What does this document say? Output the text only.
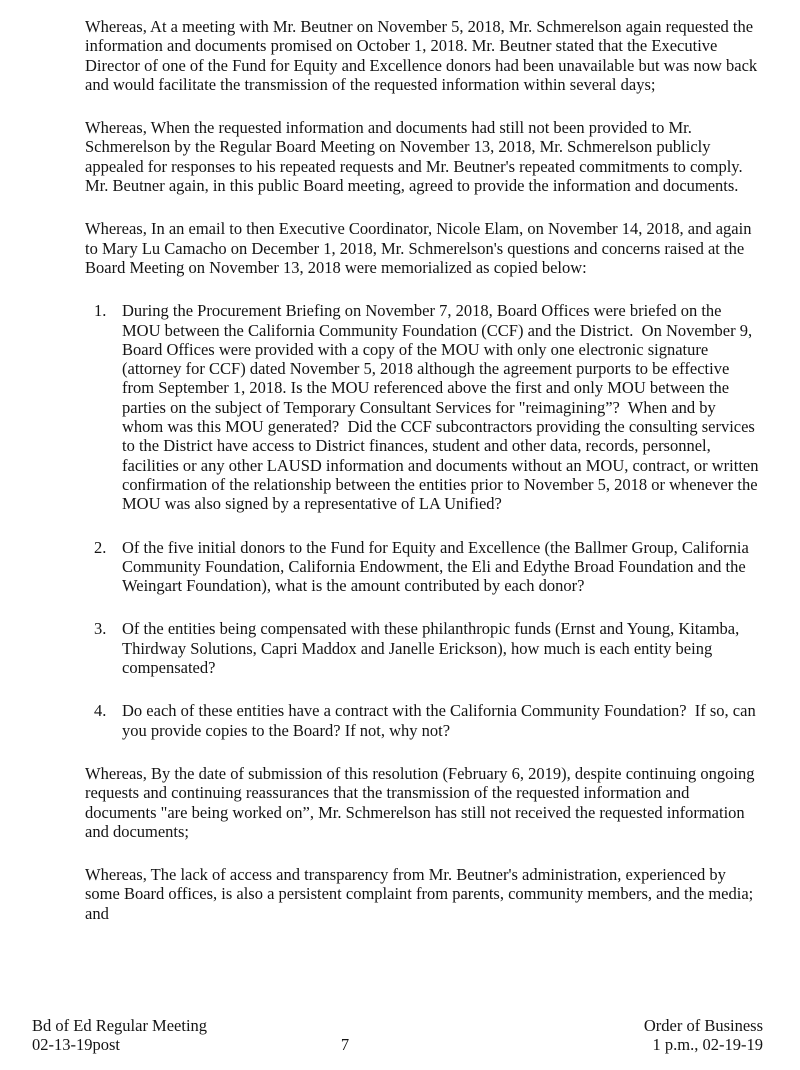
Whereas, At a meeting with Mr. Beutner on November 5, 2018, Mr. Schmerelson again requested the information and documents promised on October 1, 2018. Mr. Beutner stated that the Executive Director of one of the Fund for Equity and Excellence donors had been unavailable but was now back and would facilitate the transmission of the requested information within several days;

Whereas, When the requested information and documents had still not been provided to Mr. Schmerelson by the Regular Board Meeting on November 13, 2018, Mr. Schmerelson publicly appealed for responses to his repeated requests and Mr. Beutner's repeated commitments to comply.  Mr. Beutner again, in this public Board meeting, agreed to provide the information and documents.

Whereas, In an email to then Executive Coordinator, Nicole Elam, on November 14, 2018, and again to Mary Lu Camacho on December 1, 2018, Mr. Schmerelson's questions and concerns raised at the Board Meeting on November 13, 2018 were memorialized as copied below:

1. During the Procurement Briefing on November 7, 2018, Board Offices were briefed on the MOU between the California Community Foundation (CCF) and the District.  On November 9, Board Offices were provided with a copy of the MOU with only one electronic signature (attorney for CCF) dated November 5, 2018 although the agreement purports to be effective from September 1, 2018. Is the MOU referenced above the first and only MOU between the parties on the subject of Temporary Consultant Services for "reimagining”?  When and by whom was this MOU generated?  Did the CCF subcontractors providing the consulting services to the District have access to District finances, student and other data, records, personnel, facilities or any other LAUSD information and documents without an MOU, contract, or written confirmation of the relationship between the entities prior to November 5, 2018 or whenever the MOU was also signed by a representative of LA Unified?
2. Of the five initial donors to the Fund for Equity and Excellence (the Ballmer Group, California Community Foundation, California Endowment, the Eli and Edythe Broad Foundation and the Weingart Foundation), what is the amount contributed by each donor?
3. Of the entities being compensated with these philanthropic funds (Ernst and Young, Kitamba, Thirdway Solutions, Capri Maddox and Janelle Erickson), how much is each entity being compensated?
4. Do each of these entities have a contract with the California Community Foundation?  If so, can you provide copies to the Board? If not, why not?

Whereas, By the date of submission of this resolution (February 6, 2019), despite continuing ongoing requests and continuing reassurances that the transmission of the requested information and documents "are being worked on”, Mr. Schmerelson has still not received the requested information and documents;

Whereas, The lack of access and transparency from Mr. Beutner's administration, experienced by some Board offices, is also a persistent complaint from parents, community members, and the media; and

Bd of Ed Regular Meeting
02-13-19post	7
Order of Business
1 p.m., 02-19-19
